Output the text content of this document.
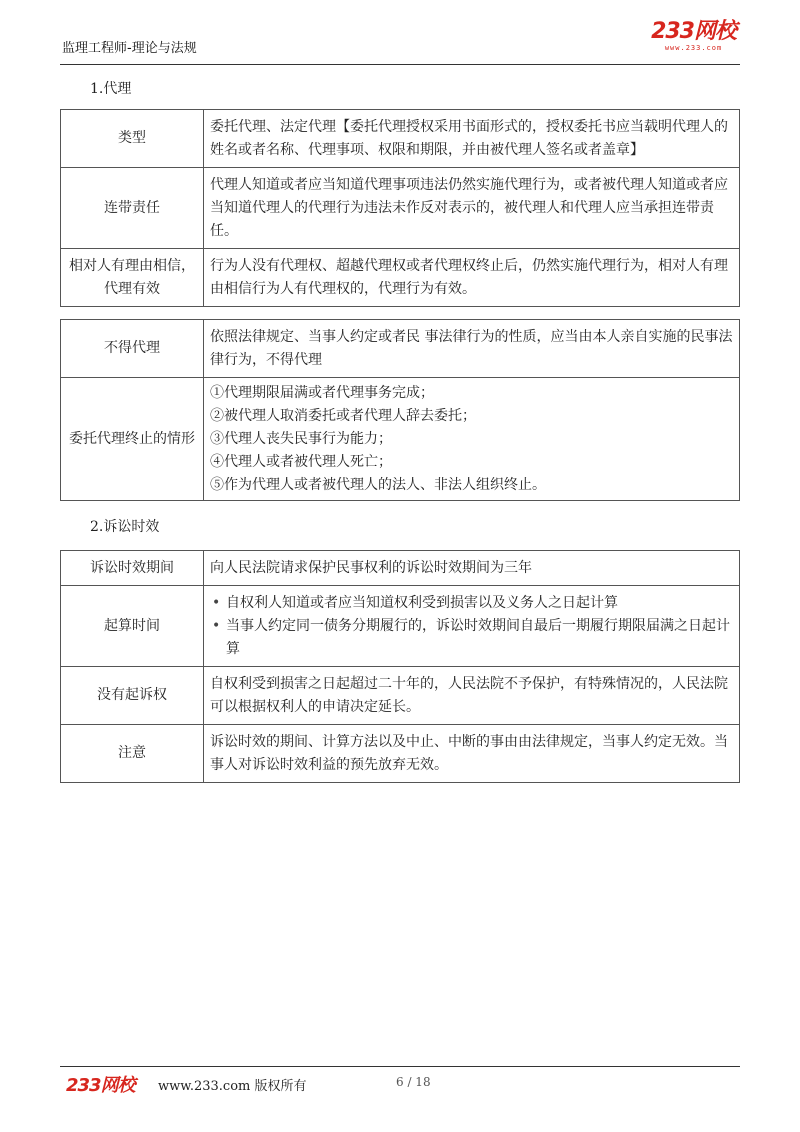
监理工程师-理论与法规
233网校
www.233.com
1.代理
类型	委托代理、法定代理【委托代理授权采用书面形式的，授权委托书应当载明代理人的姓名或者名称、代理事项、权限和期限，并由被代理人签名或者盖章】
连带责任	代理人知道或者应当知道代理事项违法仍然实施代理行为，或者被代理人知道或者应当知道代理人的代理行为违法未作反对表示的，被代理人和代理人应当承担连带责任。
相对人有理由相信，代理有效	行为人没有代理权、超越代理权或者代理权终止后，仍然实施代理行为，相对人有理由相信行为人有代理权的，代理行为有效。
不得代理	依照法律规定、当事人约定或者民 事法律行为的性质，应当由本人亲自实施的民事法律行为，不得代理
委托代理终止的情形	①代理期限届满或者代理事务完成；
②被代理人取消委托或者代理人辞去委托；
③代理人丧失民事行为能力；
④代理人或者被代理人死亡；
⑤作为代理人或者被代理人的法人、非法人组织终止。
2.诉讼时效
诉讼时效期间	向人民法院请求保护民事权利的诉讼时效期间为三年
起算时间	• 自权利人知道或者应当知道权利受到损害以及义务人之日起计算
• 当事人约定同一债务分期履行的，诉讼时效期间自最后一期履行期限届满之日起计算

没有起诉权	自权利受到损害之日起超过二十年的，人民法院不予保护，有特殊情况的，人民法院可以根据权利人的申请决定延长。
注意	诉讼时效的期间、计算方法以及中止、中断的事由由法律规定，当事人约定无效。当事人对诉讼时效利益的预先放弃无效。
233网校 www.233.com 版权所有	6 / 18
